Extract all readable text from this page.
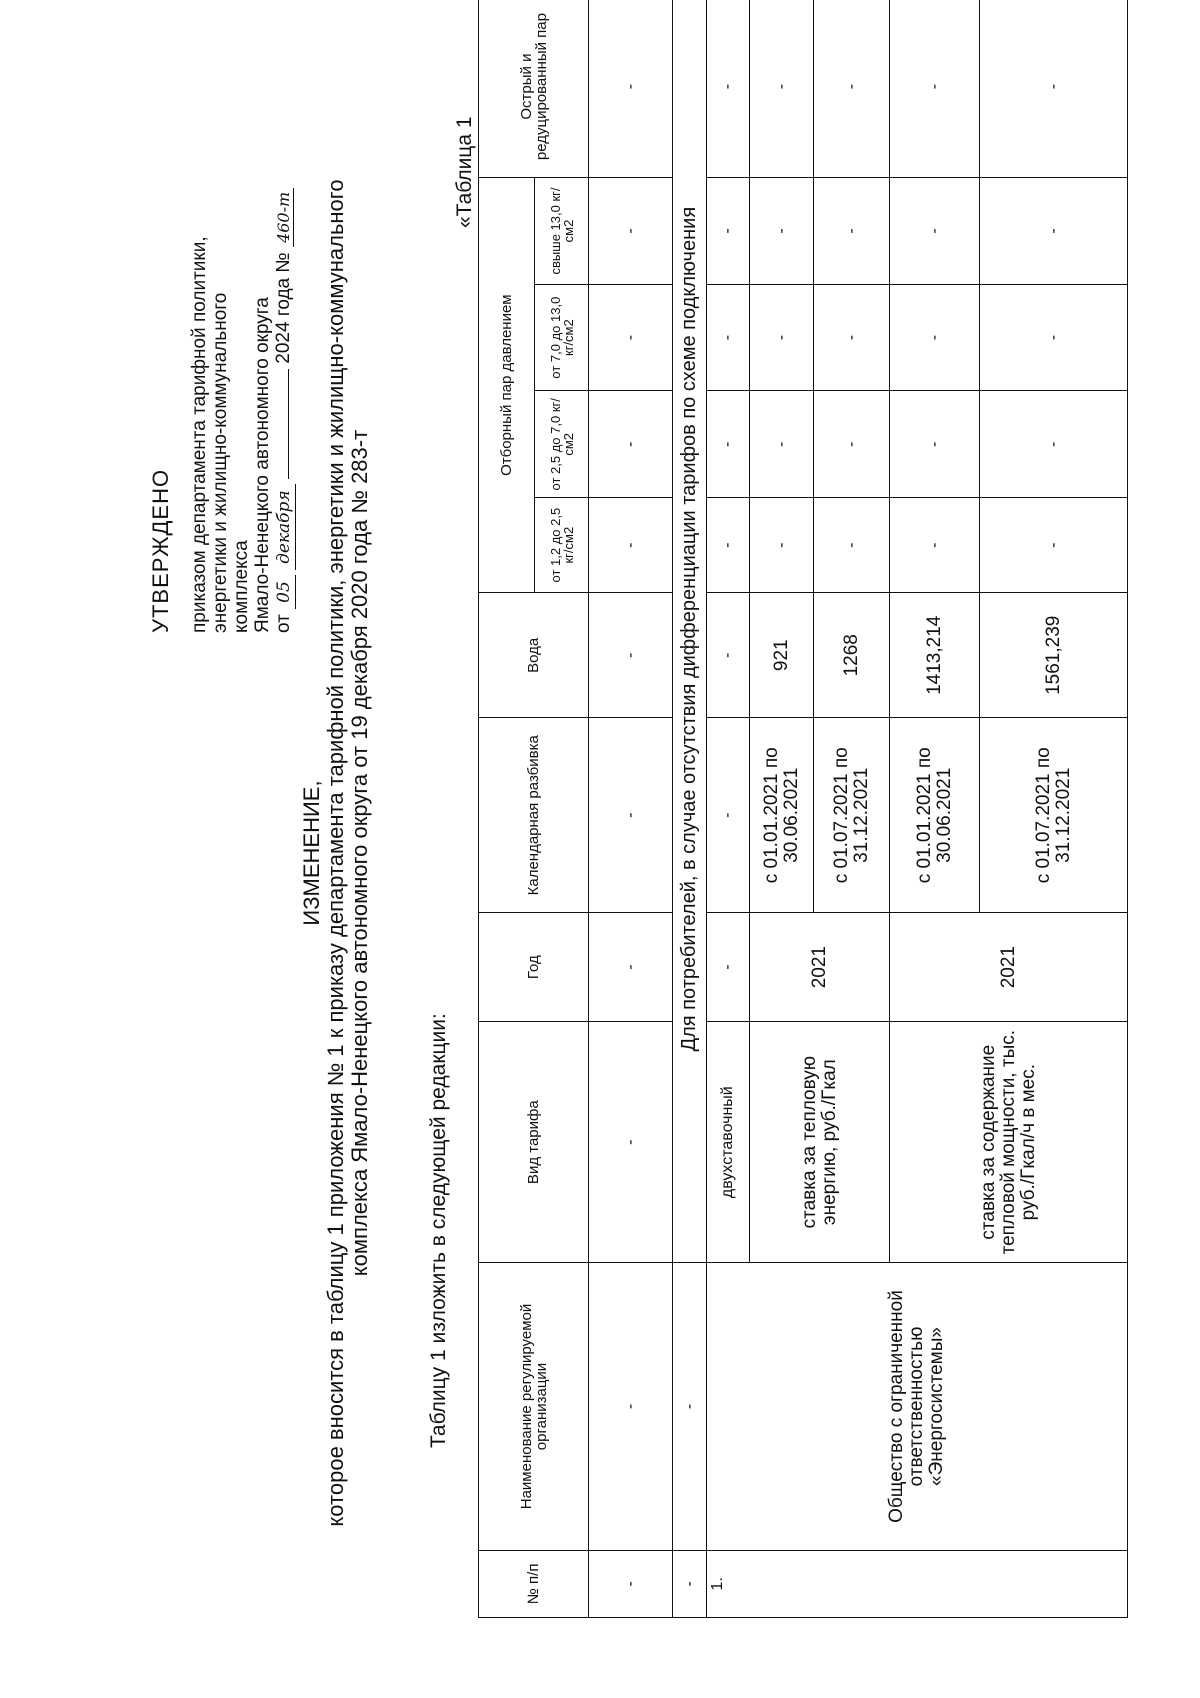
УТВЕРЖДЕНО приказом департамента тарифной политики, энергетики и жилищно-коммунального комплекса Ямало-Ненецкого автономного округа от 05 декабря  2024 года № 460-т
ИЗМЕНЕНИЕ, которое вносится в таблицу 1 приложения № 1 к приказу департамента тарифной политики, энергетики и жилищно-коммунального комплекса Ямало-Ненецкого автономного округа от 19 декабря 2020 года № 283-т	Таблицу 1 изложить в следующей редакции:
«Таблица 1
№ п/п	Наименование регулируемой организации	Вид тарифа	Год	Календарная разбивка	Вода	Отборный пар давлением				Острый и редуцированный пар
						от 1,2 до 2,5 кг/см2	от 2,5 до 7,0 кг/см2	от 7,0 до 13,0 кг/см2	свыше 13,0 кг/см2	
-	-	-	-	-	-	-	-	-	-	-
-	-	Для потребителей, в случае отсутствия дифференциации тарифов по схеме подключения								
1.	Общество с ограниченной ответственностью «Энергосистемы»	двухставочный	-	-	-	-	-	-	-	-
		ставка за тепловую энергию, руб./Гкал	2021	с 01.01.2021 по 30.06.2021	921	-	-	-	-	-
				с 01.07.2021 по 31.12.2021	1268	-	-	-	-	-
		ставка за содержание тепловой мощности, тыс. руб./Гкал/ч в мес.	2021	с 01.01.2021 по 30.06.2021	1413,214	-	-	-	-	-
				с 01.07.2021 по 31.12.2021	1561,239	-	-	-	-	-
